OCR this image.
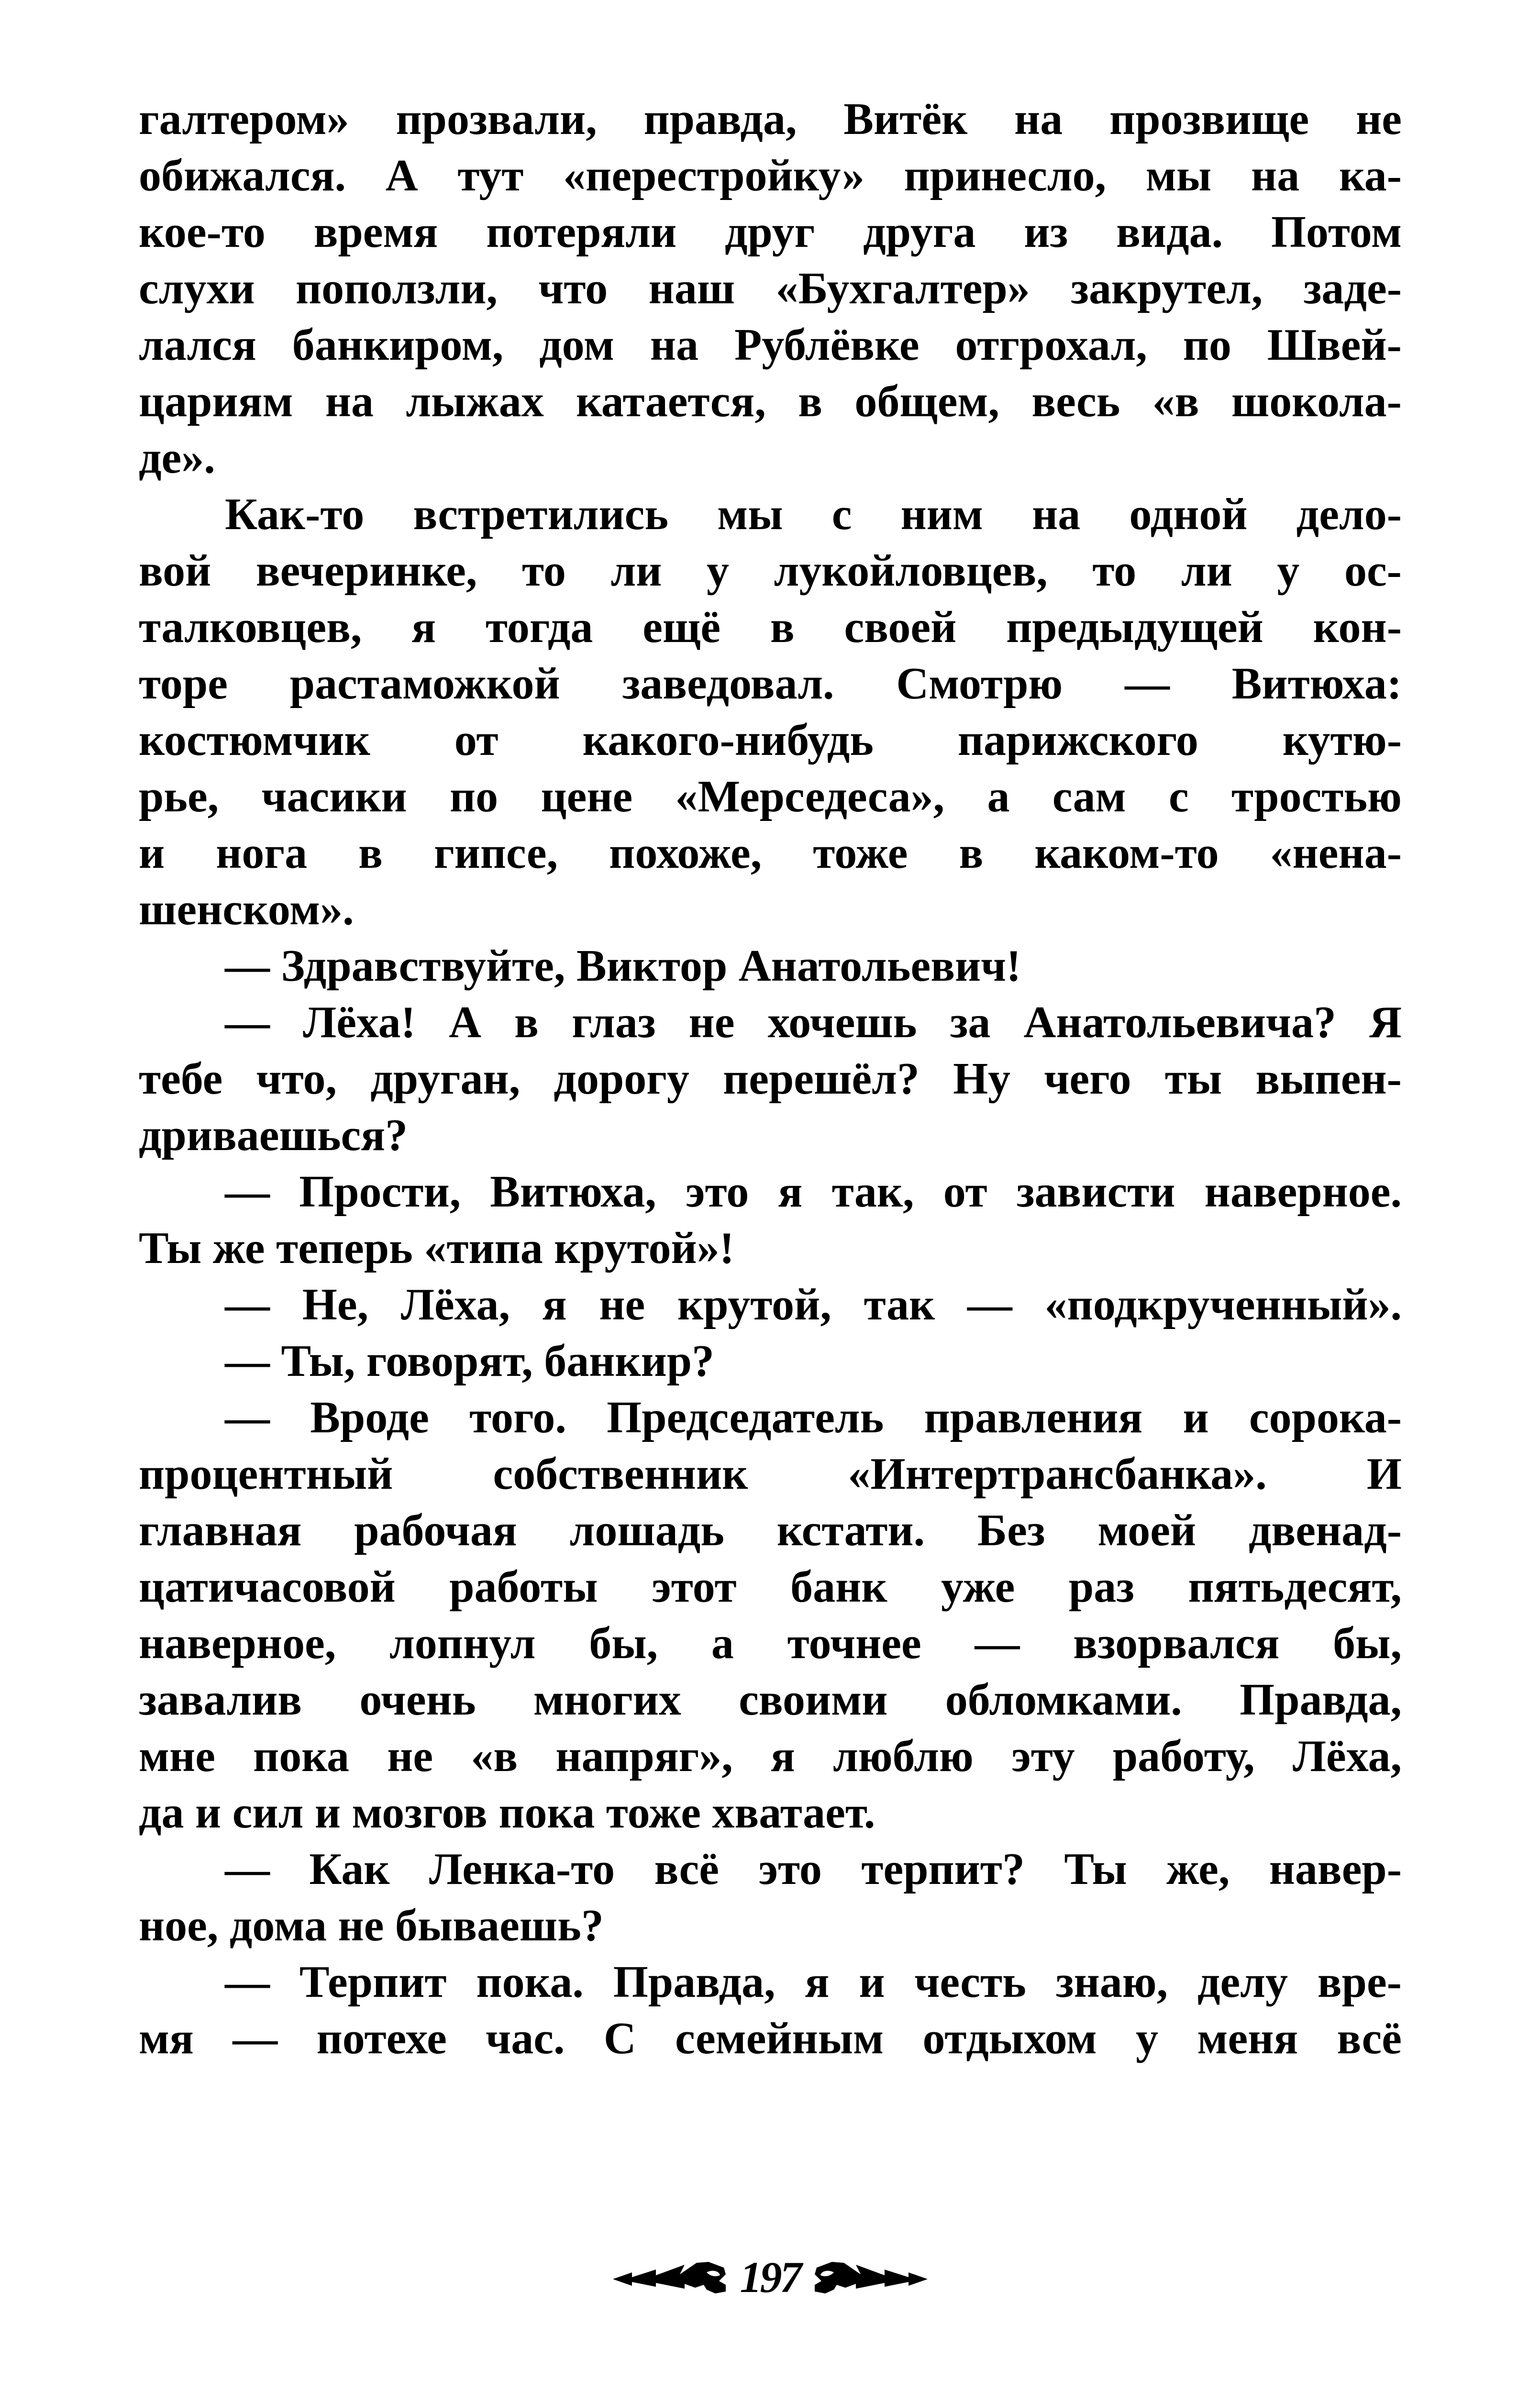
галтером» прозвали, правда, Витёк на прозвище не
обижался. А тут «перестройку» принесло, мы на ка-
кое-то время потеряли друг друга из вида. Потом
слухи поползли, что наш «Бухгалтер» закрутел, заде-
лался банкиром, дом на Рублёвке отгрохал, по Швей-
цариям на лыжах катается, в общем, весь «в шокола-
де».
Как-то встретились мы с ним на одной дело-
вой вечеринке, то ли у лукойловцев, то ли у ос-
талковцев, я тогда ещё в своей предыдущей кон-
торе растаможкой заведовал. Смотрю — Витюха:
костюмчик от какого-нибудь парижского кутю-
рье, часики по цене «Мерседеса», а сам с тростью
и нога в гипсе, похоже, тоже в каком-то «нена-
шенском».
— Здравствуйте, Виктор Анатольевич!
— Лёха! А в глаз не хочешь за Анатольевича? Я
тебе что, друган, дорогу перешёл? Ну чего ты выпен-
дриваешься?
— Прости, Витюха, это я так, от зависти наверное.
Ты же теперь «типа крутой»!
— Не, Лёха, я не крутой, так — «подкрученный».
— Ты, говорят, банкир?
— Вроде того. Председатель правления и сорока-
процентный собственник «Интертрансбанка». И
главная рабочая лошадь кстати. Без моей двенад-
цатичасовой работы этот банк уже раз пятьдесят,
наверное, лопнул бы, а точнее — взорвался бы,
завалив очень многих своими обломками. Правда,
мне пока не «в напряг», я люблю эту работу, Лёха,
да и сил и мозгов пока тоже хватает.
— Как Ленка-то всё это терпит? Ты же, навер-
ное, дома не бываешь?
— Терпит пока. Правда, я и честь знаю, делу вре-
мя — потехе час. С семейным отдыхом у меня всё
197
